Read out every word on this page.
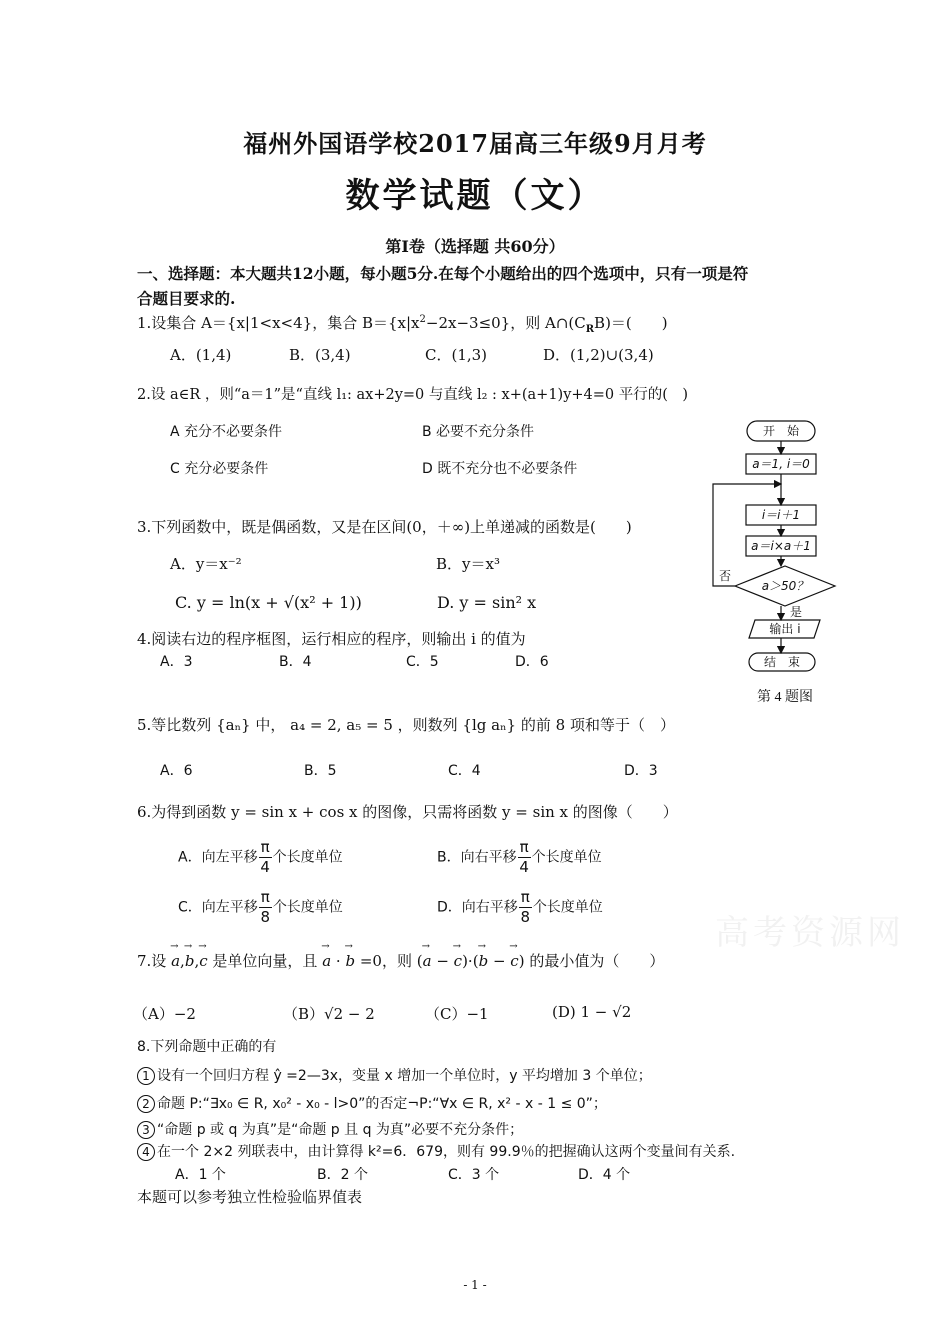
福州外国语学校2017届高三年级9月月考
数学试题（文）
第Ⅰ卷（选择题 共60分）
一、选择题：本大题共12小题，每小题5分.在每个小题给出的四个选项中，只有一项是符
合题目要求的.
1.设集合 A＝{x|1<x<4}，集合 $B=\{x|x^2-2x-3\le 0\}$，则 $A\cap(C_RB)=$(　　)
A．(1,4)	B．(3,4)	C．(1,3)	D．(1,2)∪(3,4)
2.设 a∈R ，则“a＝1”是“直线 l₁: ax+2y=0 与直线 l₂ : x+(a+1)y+4=0 平行的(　)
A 充分不必要条件	B 必要不充分条件
C 充分必要条件	D 既不充分也不必要条件
3.下列函数中，既是偶函数，又是在区间(0，＋∞)上单递减的函数是(　　)
A．y＝x⁻²	B．y＝x³
C. y = ln(x + √(x² + 1))	D. y = sin² x
4.阅读右边的程序框图，运行相应的程序，则输出 i 的值为
A．3	B．4	C．5	D．6
开　始
a＝1, i＝0
i＝i＋1
a＝i×a＋1
a＞50？
输出 i
结　束
否
是
第 4 题图
5.等比数列 {aₙ} 中， a₄ = 2, a₅ = 5 ，则数列 {lg aₙ} 的前 8 项和等于（　）
A．6	B．5	C．4	D．3
6.为得到函数 y = sin x + cos x 的图像，只需将函数 y = sin x 的图像（　　）
A．向左平移 $\frac{\pi}{4}$ 个长度单位	B．向右平移 $\frac{\pi}{4}$ 个长度单位
C．向左平移 $\frac{\pi}{8}$ 个长度单位	D．向右平移 $\frac{\pi}{8}$ 个长度单位
7.设 → a,→ b,→ c 是单位向量，且 → a · → b =0，则 (→ a − → c)·(→ b − → c) 的最小值为（　　）
（A）−2	（B）√2 − 2	（C）−1	(D) 1 − √2
8.下列命题中正确的有
1 设有一个回归方程 ŷ =2—3x，变量 x 增加一个单位时，y 平均增加 3 个单位；
2 命题 P:“∃x₀ ∈ R, x₀² - x₀ - l>0”的否定¬P:“∀x ∈ R, x² - x - 1 ≤ 0”；
3 “命题 p 或 q 为真”是“命题 p 且 q 为真”必要不充分条件；
4 在一个 2×2 列联表中，由计算得 k²=6．679，则有 99.9％的把握确认这两个变量间有关系.
A．1 个	B．2 个	C．3 个	D．4 个
本题可以参考独立性检验临界值表
高考资源网
- 1 -
